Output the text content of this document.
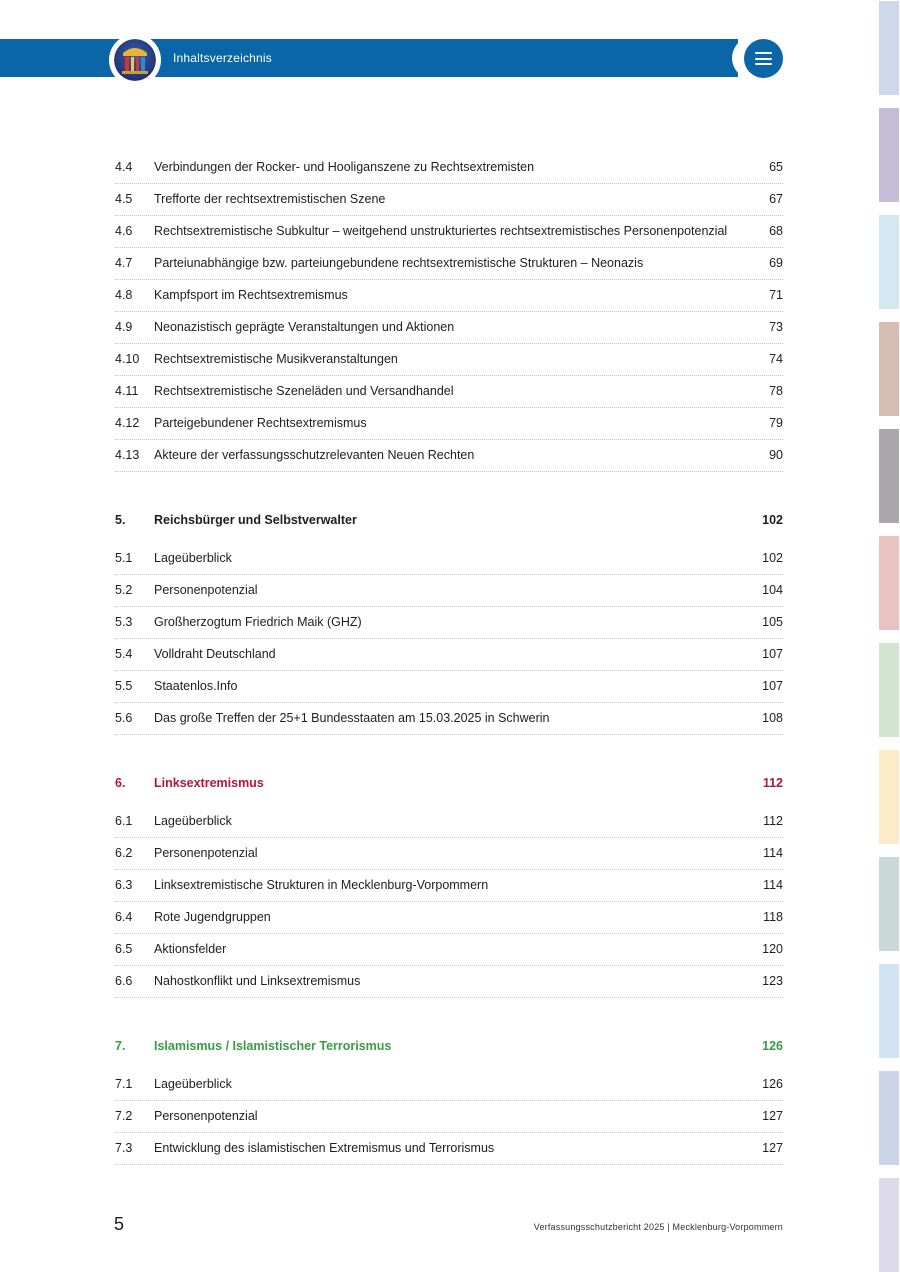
Inhaltsverzeichnis
4.4 Verbindungen der Rocker- und Hooliganszene zu Rechtsextremisten	65
4.5 Trefforte der rechtsextremistischen Szene	67
4.6 Rechtsextremistische Subkultur – weitgehend unstrukturiertes rechtsextremistisches Personenpotenzial	68
4.7 Parteiunabhängige bzw. parteiungebundene rechtsextremistische Strukturen – Neonazis	69
4.8 Kampfsport im Rechtsextremismus	71
4.9 Neonazistisch geprägte Veranstaltungen und Aktionen	73
4.10 Rechtsextremistische Musikveranstaltungen	74
4.11 Rechtsextremistische Szeneläden und Versandhandel	78
4.12 Parteigebundener Rechtsextremismus	79
4.13 Akteure der verfassungsschutzrelevanten Neuen Rechten	90
5. Reichsbürger und Selbstverwalter	102
5.1 Lageüberblick	102
5.2 Personenpotenzial	104
5.3 Großherzogtum Friedrich Maik (GHZ)	105
5.4 Volldraht Deutschland	107
5.5 Staatenlos.Info	107
5.6 Das große Treffen der 25+1 Bundesstaaten am 15.03.2025 in Schwerin	108
6. Linksextremismus	112
6.1 Lageüberblick	112
6.2 Personenpotenzial	114
6.3 Linksextremistische Strukturen in Mecklenburg-Vorpommern	114
6.4 Rote Jugendgruppen	118
6.5 Aktionsfelder	120
6.6 Nahostkonflikt und Linksextremismus	123
7. Islamismus / Islamistischer Terrorismus	126
7.1 Lageüberblick	126
7.2 Personenpotenzial	127
7.3 Entwicklung des islamistischen Extremismus und Terrorismus	127
5	Verfassungsschutzbericht 2025 | Mecklenburg-Vorpommern
